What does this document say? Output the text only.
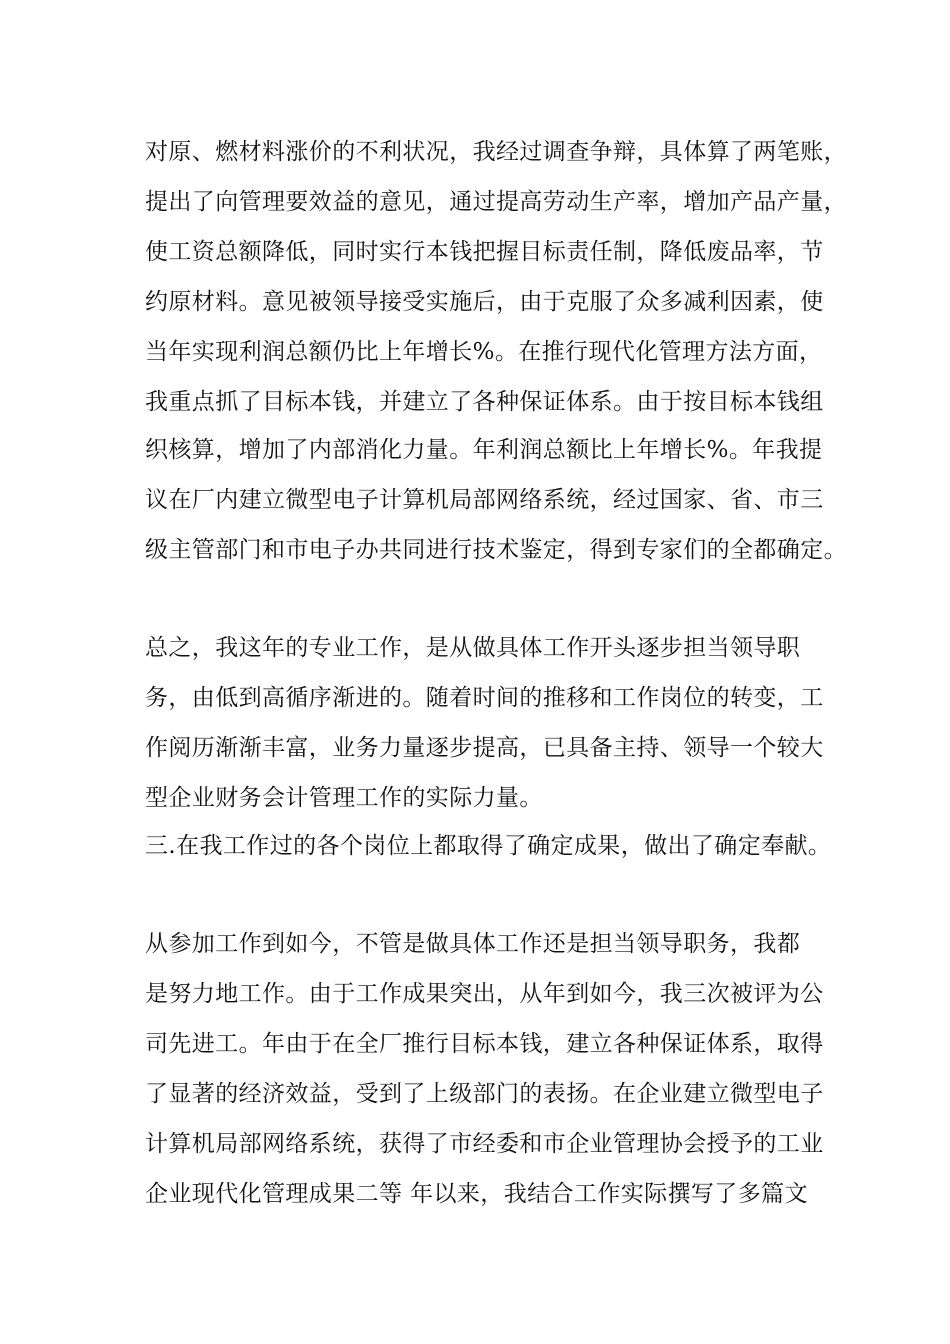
对原、燃材料涨价的不利状况，我经过调查争辩，具体算了两笔账，
提出了向管理要效益的意见，通过提高劳动生产率，增加产品产量，
使工资总额降低，同时实行本钱把握目标责任制，降低废品率，节
约原材料。意见被领导接受实施后，由于克服了众多减利因素，使
当年实现利润总额仍比上年增长%。在推行现代化管理方法方面，
我重点抓了目标本钱，并建立了各种保证体系。由于按目标本钱组
织核算，增加了内部消化力量。年利润总额比上年增长%。年我提
议在厂内建立微型电子计算机局部网络系统，经过国家、省、市三
级主管部门和市电子办共同进行技术鉴定，得到专家们的全都确定。
总之，我这年的专业工作，是从做具体工作开头逐步担当领导职
务，由低到高循序渐进的。随着时间的推移和工作岗位的转变，工
作阅历渐渐丰富，业务力量逐步提高，已具备主持、领导一个较大
型企业财务会计管理工作的实际力量。
三.在我工作过的各个岗位上都取得了确定成果，做出了确定奉献。
从参加工作到如今，不管是做具体工作还是担当领导职务，我都
是努力地工作。由于工作成果突出，从年到如今，我三次被评为公
司先进工。年由于在全厂推行目标本钱，建立各种保证体系，取得
了显著的经济效益，受到了上级部门的表扬。在企业建立微型电子
计算机局部网络系统，获得了市经委和市企业管理协会授予的工业
企业现代化管理成果二等 年以来，我结合工作实际撰写了多篇文
